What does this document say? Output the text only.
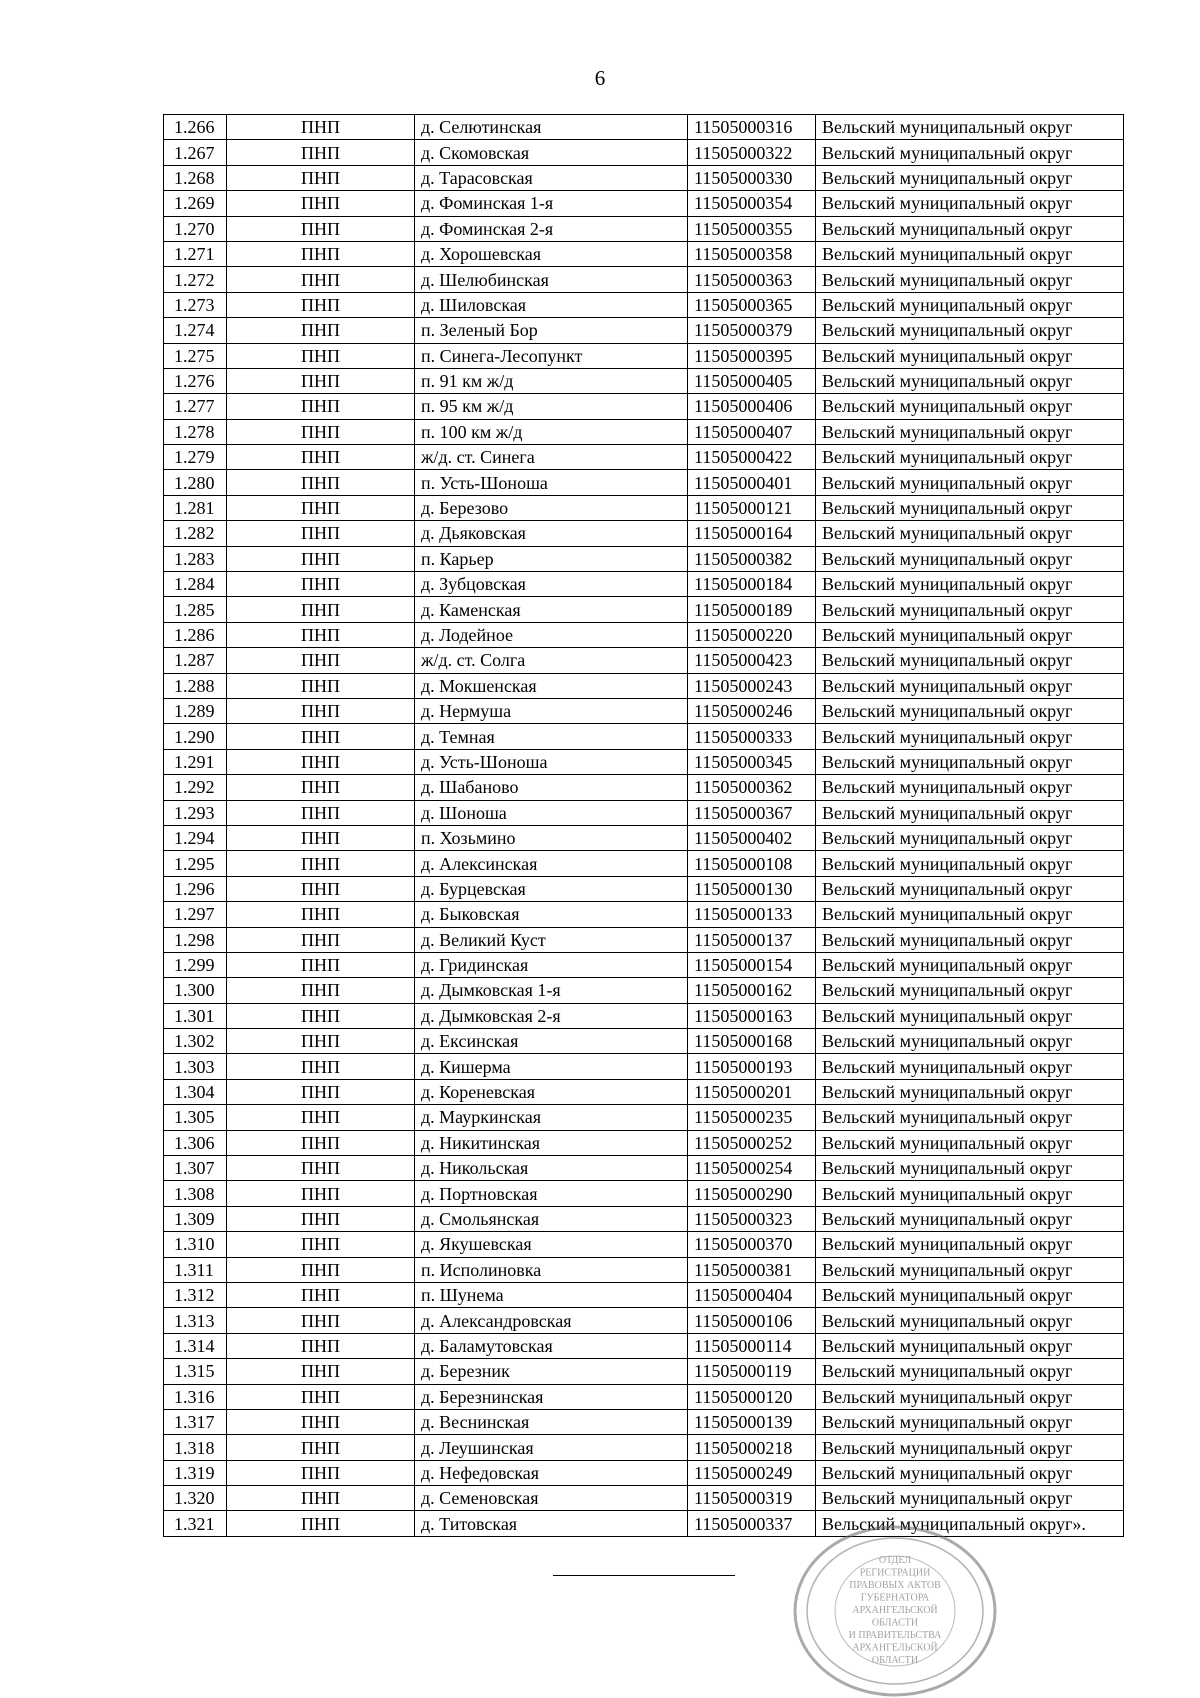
6
1.266	ПНП	д. Селютинская	11505000316	Вельский муниципальный округ
1.267	ПНП	д. Скомовская	11505000322	Вельский муниципальный округ
1.268	ПНП	д. Тарасовская	11505000330	Вельский муниципальный округ
1.269	ПНП	д. Фоминская 1-я	11505000354	Вельский муниципальный округ
1.270	ПНП	д. Фоминская 2-я	11505000355	Вельский муниципальный округ
1.271	ПНП	д. Хорошевская	11505000358	Вельский муниципальный округ
1.272	ПНП	д. Шелюбинская	11505000363	Вельский муниципальный округ
1.273	ПНП	д. Шиловская	11505000365	Вельский муниципальный округ
1.274	ПНП	п. Зеленый Бор	11505000379	Вельский муниципальный округ
1.275	ПНП	п. Синега-Лесопункт	11505000395	Вельский муниципальный округ
1.276	ПНП	п. 91 км ж/д	11505000405	Вельский муниципальный округ
1.277	ПНП	п. 95 км ж/д	11505000406	Вельский муниципальный округ
1.278	ПНП	п. 100 км ж/д	11505000407	Вельский муниципальный округ
1.279	ПНП	ж/д. ст. Синега	11505000422	Вельский муниципальный округ
1.280	ПНП	п. Усть-Шоноша	11505000401	Вельский муниципальный округ
1.281	ПНП	д. Березово	11505000121	Вельский муниципальный округ
1.282	ПНП	д. Дьяковская	11505000164	Вельский муниципальный округ
1.283	ПНП	п. Карьер	11505000382	Вельский муниципальный округ
1.284	ПНП	д. Зубцовская	11505000184	Вельский муниципальный округ
1.285	ПНП	д. Каменская	11505000189	Вельский муниципальный округ
1.286	ПНП	д. Лодейное	11505000220	Вельский муниципальный округ
1.287	ПНП	ж/д. ст. Солга	11505000423	Вельский муниципальный округ
1.288	ПНП	д. Мокшенская	11505000243	Вельский муниципальный округ
1.289	ПНП	д. Нермуша	11505000246	Вельский муниципальный округ
1.290	ПНП	д. Темная	11505000333	Вельский муниципальный округ
1.291	ПНП	д. Усть-Шоноша	11505000345	Вельский муниципальный округ
1.292	ПНП	д. Шабаново	11505000362	Вельский муниципальный округ
1.293	ПНП	д. Шоноша	11505000367	Вельский муниципальный округ
1.294	ПНП	п. Хозьмино	11505000402	Вельский муниципальный округ
1.295	ПНП	д. Алексинская	11505000108	Вельский муниципальный округ
1.296	ПНП	д. Бурцевская	11505000130	Вельский муниципальный округ
1.297	ПНП	д. Быковская	11505000133	Вельский муниципальный округ
1.298	ПНП	д. Великий Куст	11505000137	Вельский муниципальный округ
1.299	ПНП	д. Гридинская	11505000154	Вельский муниципальный округ
1.300	ПНП	д. Дымковская 1-я	11505000162	Вельский муниципальный округ
1.301	ПНП	д. Дымковская 2-я	11505000163	Вельский муниципальный округ
1.302	ПНП	д. Ексинская	11505000168	Вельский муниципальный округ
1.303	ПНП	д. Кишерма	11505000193	Вельский муниципальный округ
1.304	ПНП	д. Кореневская	11505000201	Вельский муниципальный округ
1.305	ПНП	д. Мауркинская	11505000235	Вельский муниципальный округ
1.306	ПНП	д. Никитинская	11505000252	Вельский муниципальный округ
1.307	ПНП	д. Никольская	11505000254	Вельский муниципальный округ
1.308	ПНП	д. Портновская	11505000290	Вельский муниципальный округ
1.309	ПНП	д. Смольянская	11505000323	Вельский муниципальный округ
1.310	ПНП	д. Якушевская	11505000370	Вельский муниципальный округ
1.311	ПНП	п. Исполиновка	11505000381	Вельский муниципальный округ
1.312	ПНП	п. Шунема	11505000404	Вельский муниципальный округ
1.313	ПНП	д. Александровская	11505000106	Вельский муниципальный округ
1.314	ПНП	д. Баламутовская	11505000114	Вельский муниципальный округ
1.315	ПНП	д. Березник	11505000119	Вельский муниципальный округ
1.316	ПНП	д. Березнинская	11505000120	Вельский муниципальный округ
1.317	ПНП	д. Веснинская	11505000139	Вельский муниципальный округ
1.318	ПНП	д. Леушинская	11505000218	Вельский муниципальный округ
1.319	ПНП	д. Нефедовская	11505000249	Вельский муниципальный округ
1.320	ПНП	д. Семеновская	11505000319	Вельский муниципальный округ
1.321	ПНП	д. Титовская	11505000337	Вельский муниципальный округ».
ОТДЕЛ
РЕГИСТРАЦИИ
ПРАВОВЫХ АКТОВ
ГУБЕРНАТОРА
АРХАНГЕЛЬСКОЙ
ОБЛАСТИ
И ПРАВИТЕЛЬСТВА
АРХАНГЕЛЬСКОЙ
ОБЛАСТИ
